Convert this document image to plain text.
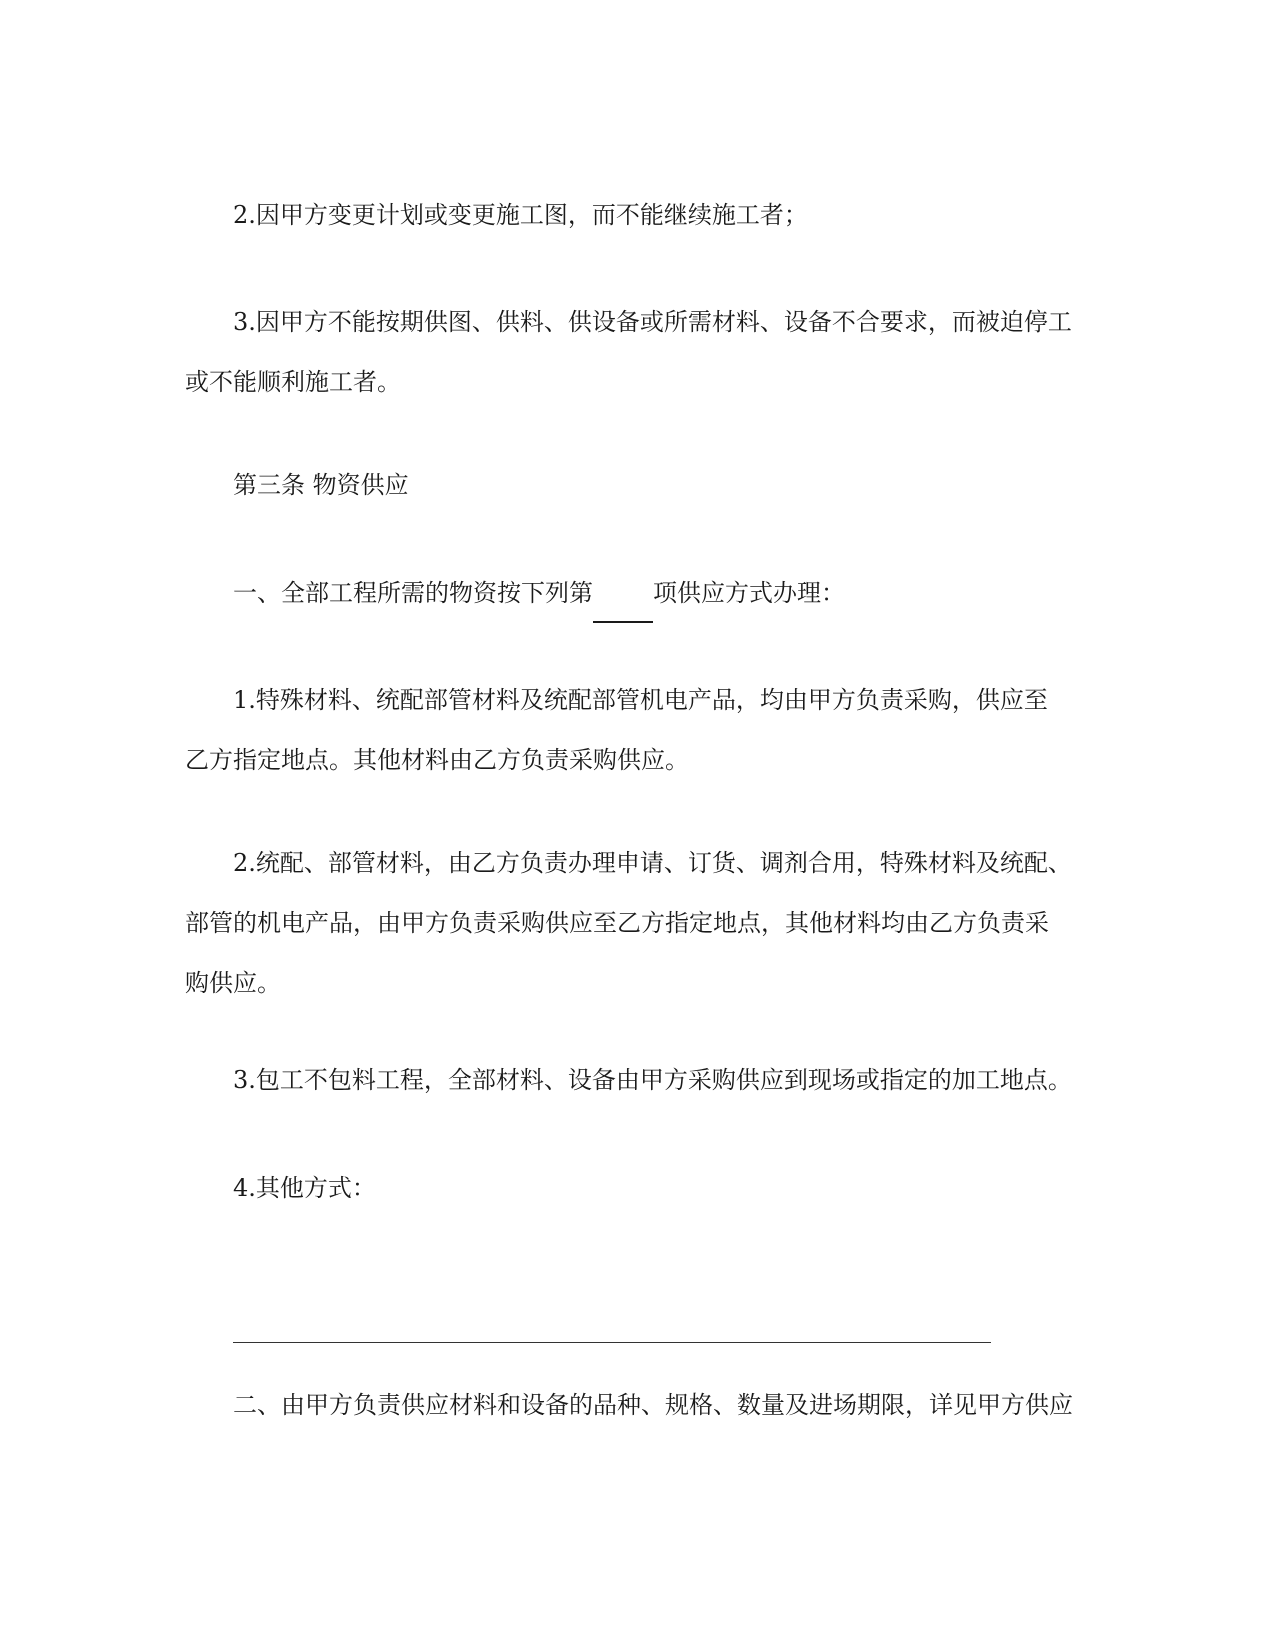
2.因甲方变更计划或变更施工图，而不能继续施工者；

3.因甲方不能按期供图、供料、供设备或所需材料、设备不合要求，而被迫停工
或不能顺利施工者。

第三条 物资供应

一、全部工程所需的物资按下列第	项供应方式办理：

1.特殊材料、统配部管材料及统配部管机电产品，均由甲方负责采购，供应至
乙方指定地点。其他材料由乙方负责采购供应。

2.统配、部管材料，由乙方负责办理申请、订货、调剂合用，特殊材料及统配、
部管的机电产品，由甲方负责采购供应至乙方指定地点，其他材料均由乙方负责采
购供应。

3.包工不包料工程，全部材料、设备由甲方采购供应到现场或指定的加工地点。

4.其他方式：

二、由甲方负责供应材料和设备的品种、规格、数量及进场期限，详见甲方供应
